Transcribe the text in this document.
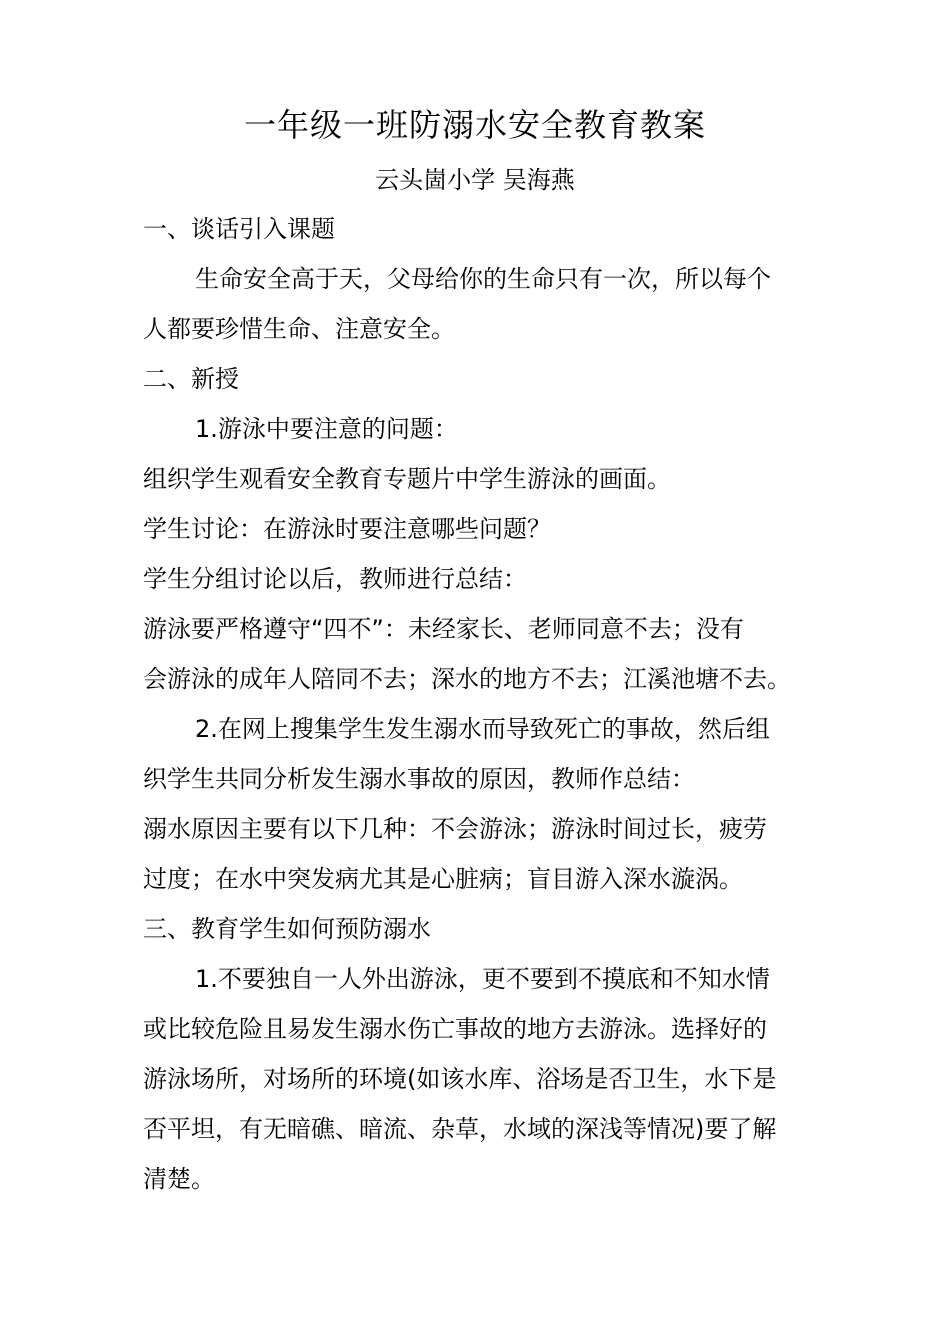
一年级一班防溺水安全教育教案
云头崮小学 吴海燕
一、谈话引入课题
生命安全高于天，父母给你的生命只有一次，所以每个
人都要珍惜生命、注意安全。
二、新授
1.游泳中要注意的问题：
组织学生观看安全教育专题片中学生游泳的画面。
学生讨论：在游泳时要注意哪些问题？
学生分组讨论以后，教师进行总结：
游泳要严格遵守“四不”：未经家长、老师同意不去；没有
会游泳的成年人陪同不去；深水的地方不去；江溪池塘不去。
2.在网上搜集学生发生溺水而导致死亡的事故，然后组
织学生共同分析发生溺水事故的原因，教师作总结：
溺水原因主要有以下几种：不会游泳；游泳时间过长，疲劳
过度；在水中突发病尤其是心脏病；盲目游入深水漩涡。
三、教育学生如何预防溺水
1.不要独自一人外出游泳，更不要到不摸底和不知水情
或比较危险且易发生溺水伤亡事故的地方去游泳。选择好的
游泳场所，对场所的环境(如该水库、浴场是否卫生，水下是
否平坦，有无暗礁、暗流、杂草，水域的深浅等情况)要了解
清楚。
